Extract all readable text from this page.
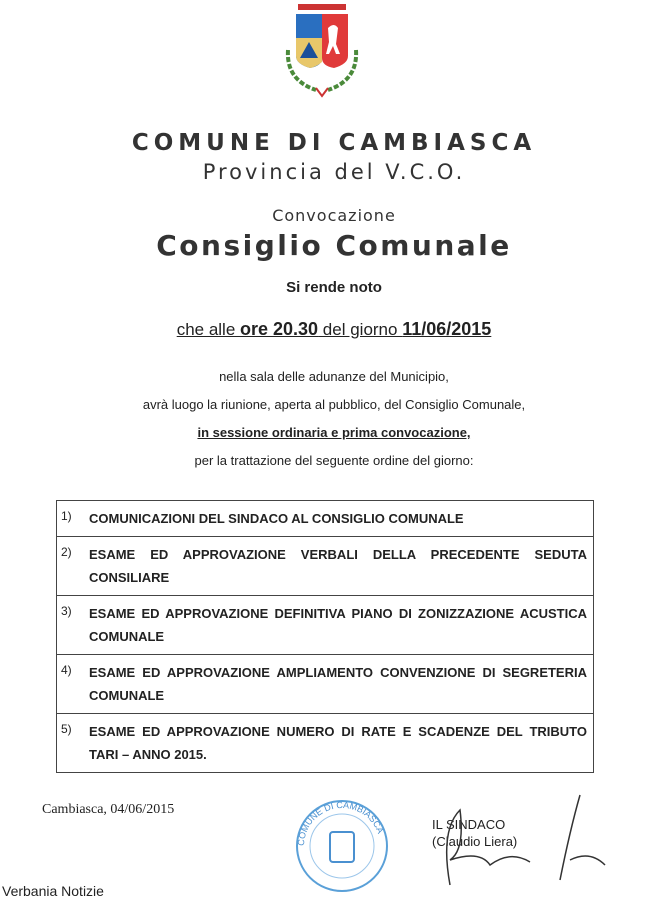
COMUNE DI CAMBIASCA
Provincia del V.C.O.
Convocazione
Consiglio Comunale
Si rende noto
che alle ore 20.30 del giorno 11/06/2015
nella sala delle adunanze del Municipio,
avrà luogo la riunione, aperta al pubblico, del Consiglio Comunale,
in sessione ordinaria e prima convocazione,
per la trattazione del seguente ordine del giorno:
1)	COMUNICAZIONI DEL SINDACO AL CONSIGLIO COMUNALE
2)	ESAME ED APPROVAZIONE VERBALI DELLA PRECEDENTE SEDUTA CONSILIARE
3)	ESAME ED APPROVAZIONE DEFINITIVA PIANO DI ZONIZZAZIONE ACUSTICA COMUNALE
4)	ESAME ED APPROVAZIONE AMPLIAMENTO CONVENZIONE DI SEGRETERIA COMUNALE
5)	ESAME ED APPROVAZIONE NUMERO DI RATE E SCADENZE DEL TRIBUTO TARI – ANNO 2015.
Cambiasca, 04/06/2015
COMUNE DI CAMBIASCA	IL SINDACO
(Claudio Liera)
Verbania Notizie
